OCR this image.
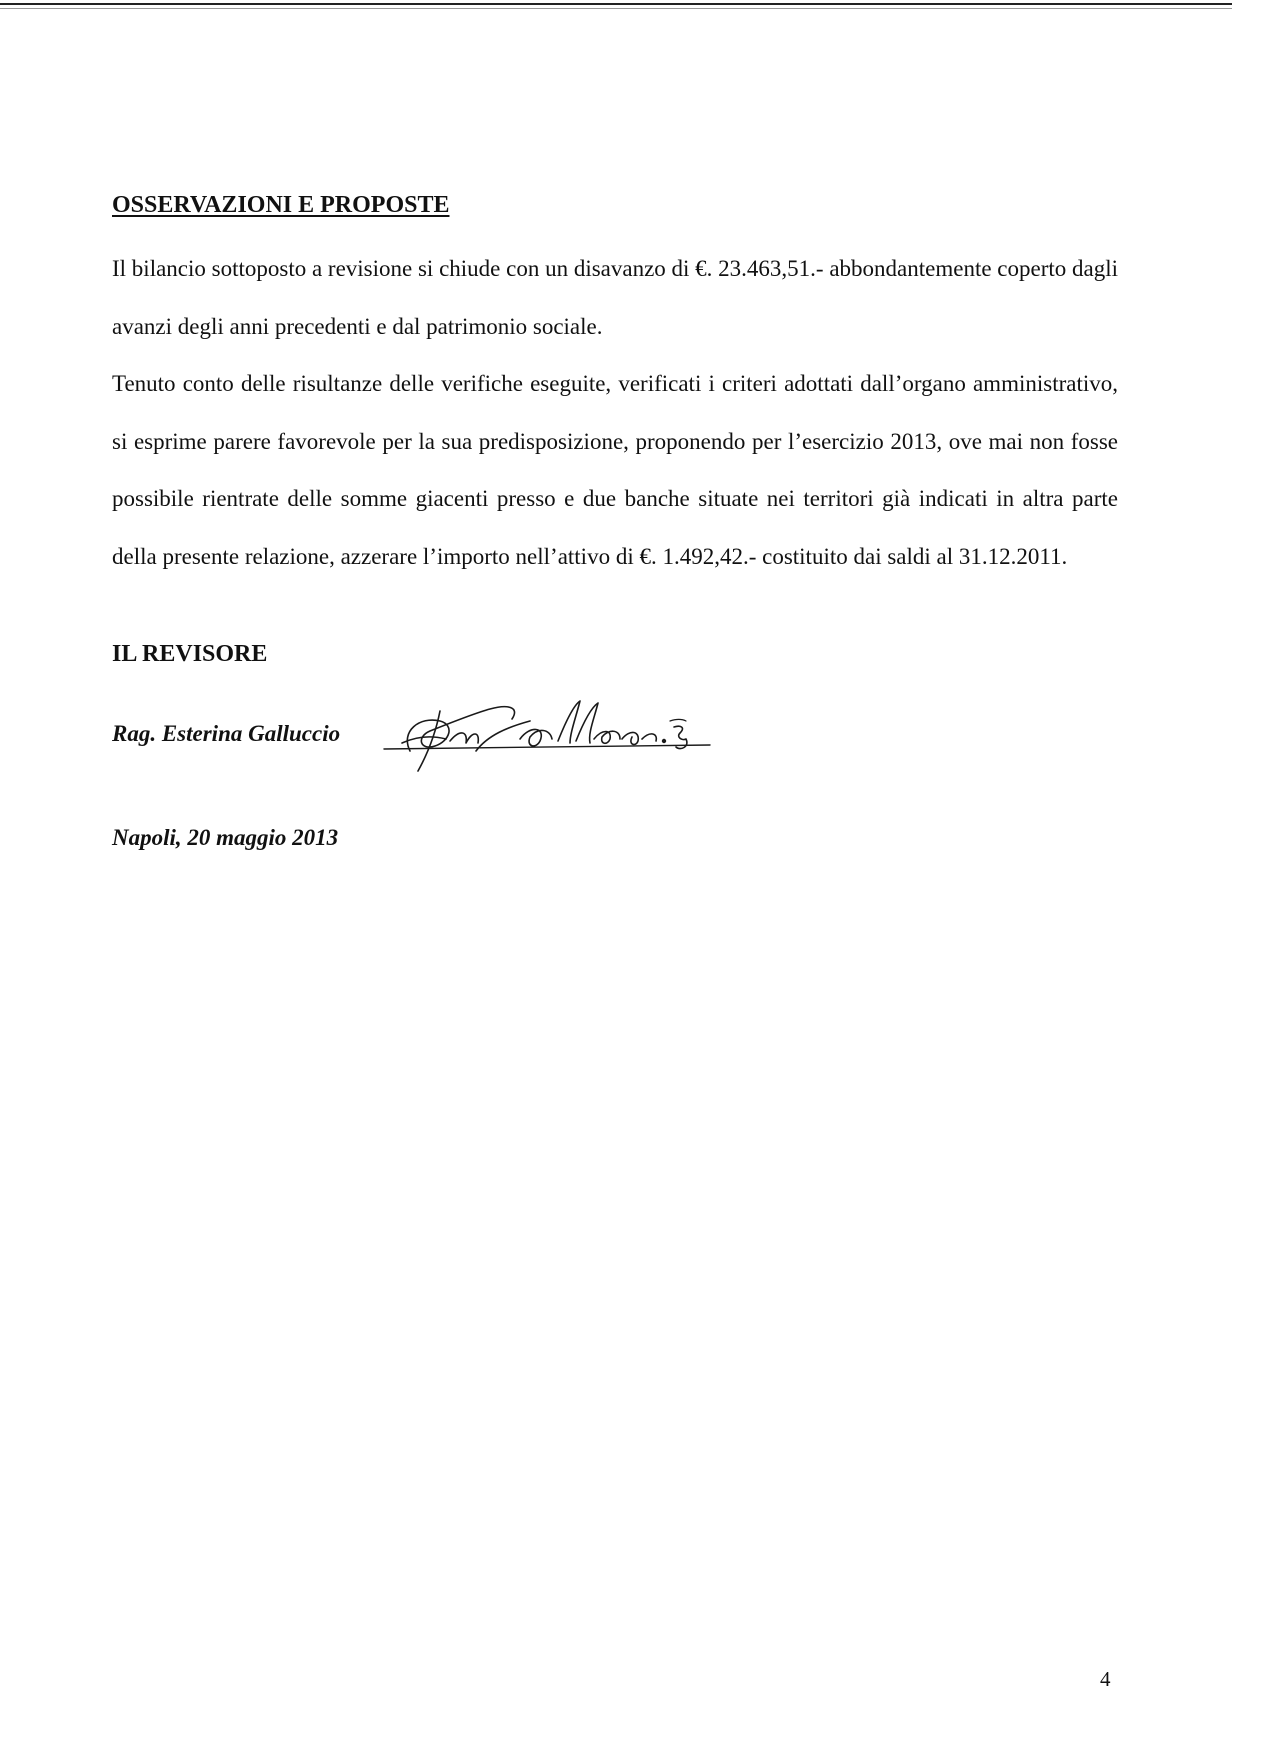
OSSERVAZIONI E PROPOSTE

Il bilancio sottoposto a revisione si chiude con un disavanzo di €. 23.463,51.- abbondantemente coperto dagli avanzi degli anni precedenti e dal patrimonio sociale.

Tenuto conto delle risultanze delle verifiche eseguite, verificati i criteri adottati dall’organo amministrativo, si esprime parere favorevole per la sua predisposizione, proponendo per l’esercizio 2013, ove mai non fosse possibile rientrate delle somme giacenti presso e due banche situate nei territori già indicati in altra parte della presente relazione, azzerare l’importo nell’attivo di €. 1.492,42.- costituito dai saldi al 31.12.2011.

IL REVISORE
Rag. Esterina Galluccio
Napoli, 20 maggio 2013
4
